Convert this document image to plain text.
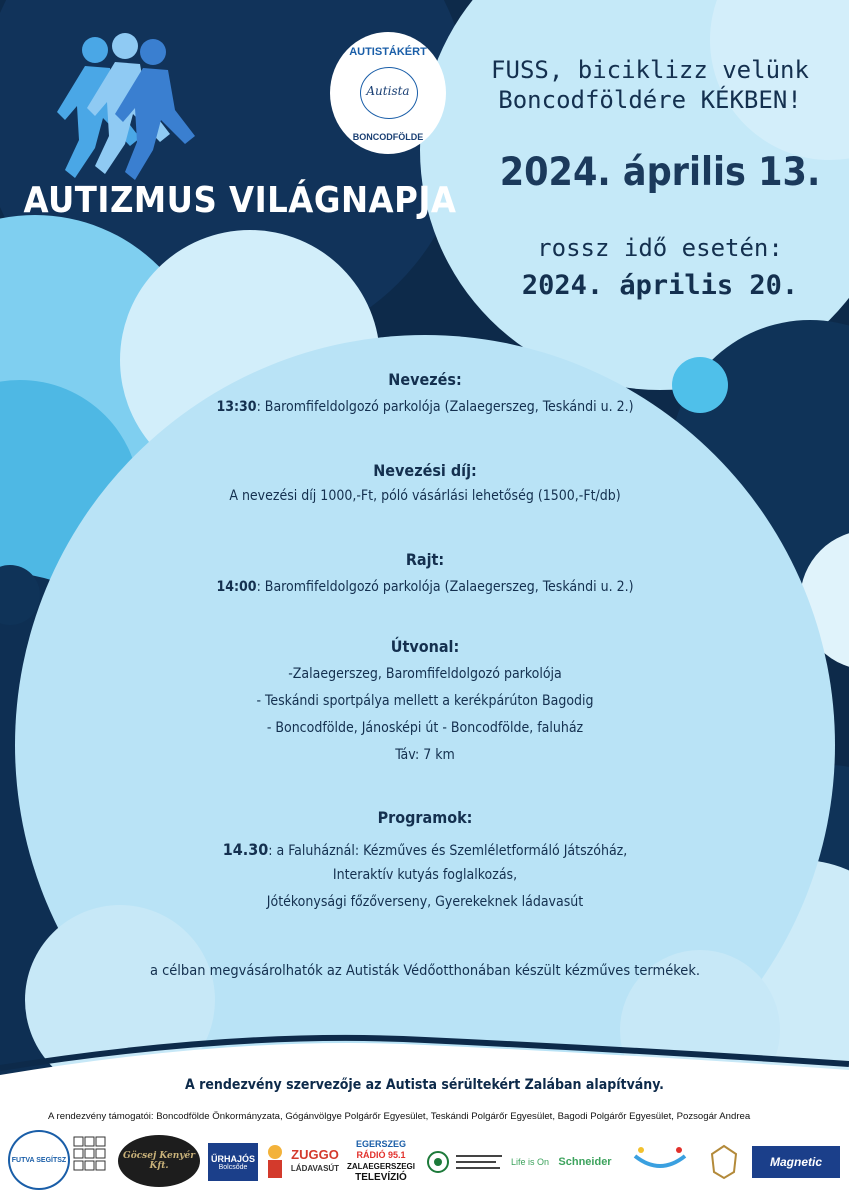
AUTISTÁKÉRT
Autista
BONCODFÖLDE
AUTIZMUS VILÁGNAPJA
FUSS, biciklizz velünk
Boncodföldére KÉKBEN!
2024. április 13.
rossz idő esetén:
2024. április 20.
Nevezés:
13:30: Baromfifeldolgozó parkolója (Zalaegerszeg, Teskándi u. 2.)
Nevezési díj:
A nevezési díj 1000,-Ft, póló vásárlási lehetőség (1500,-Ft/db)
Rajt:
14:00: Baromfifeldolgozó parkolója (Zalaegerszeg, Teskándi u. 2.)
Útvonal:
-Zalaegerszeg, Baromfifeldolgozó parkolója
- Teskándi sportpálya mellett a kerékpárúton Bagodig
- Boncodfölde, Jánosképi út - Boncodfölde, faluház
Táv: 7 km
Programok:
14.30: a Faluháznál: Kézműves és Szemléletformáló Játszóház,
Interaktív kutyás foglalkozás,
Jótékonysági főzőverseny, Gyerekeknek ládavasút
a célban megvásárolhatók az Autisták Védőotthonában készült kézműves termékek.
A rendezvény szervezője az Autista sérültekért Zalában alapítvány.
A rendezvény támogatói: Boncodfölde Önkormányzata, Gógánvölgye Polgárőr Egyesület, Teskándi Polgárőr Egyesület, Bagodi Polgárőr Egyesület, Pozsogár Andrea
FUTVA SEGÍTSZ	Göcsej Kenyér Kft.
ŰRHAJÓS
Bolcsőde
ZUGGO
LÁDAVASÚT
EGERSZEG
RÁDIÓ 95.1
ZALAEGERSZEGI
TELEVÍZIÓ
Life is On Schneider	Magnetic
